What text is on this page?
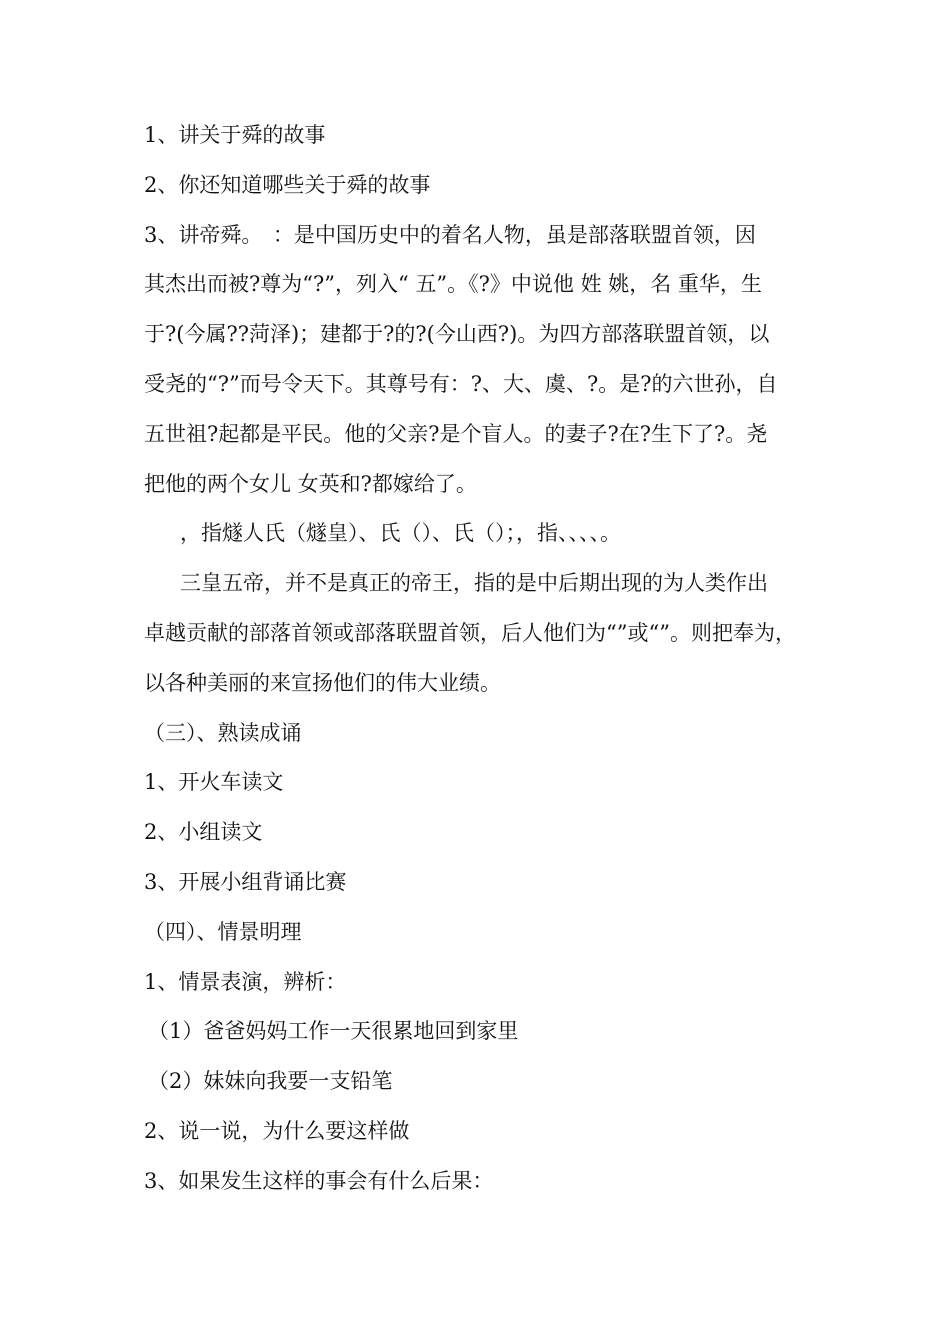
1、讲关于舜的故事
2、你还知道哪些关于舜的故事
3、讲帝舜。　：是中国历史中的着名人物，虽是部落联盟首领，因
其杰出而被?尊为“?”，列入“ 五”。《?》中说他 姓 姚，名 重华，生
于?(今属??菏泽)；建都于?的?(今山西?)。为四方部落联盟首领，以
受尧的“?”而号令天下。其尊号有：?、大、虞、?。是?的六世孙，自
五世祖?起都是平民。他的父亲?是个盲人。的妻子?在?生下了?。尧
把他的两个女儿 女英和?都嫁给了。
，指燧人氏（燧皇）、氏（）、氏（）；，指、、、、。
三皇五帝，并不是真正的帝王，指的是中后期出现的为人类作出
卓越贡献的部落首领或部落联盟首领，后人他们为“”或“”。则把奉为，
以各种美丽的来宣扬他们的伟大业绩。
（三）、熟读成诵
1、开火车读文
2、小组读文
3、开展小组背诵比赛
（四）、情景明理
1、情景表演，辨析：
（1）爸爸妈妈工作一天很累地回到家里
（2）妹妹向我要一支铅笔
2、说一说，为什么要这样做
3、如果发生这样的事会有什么后果：
